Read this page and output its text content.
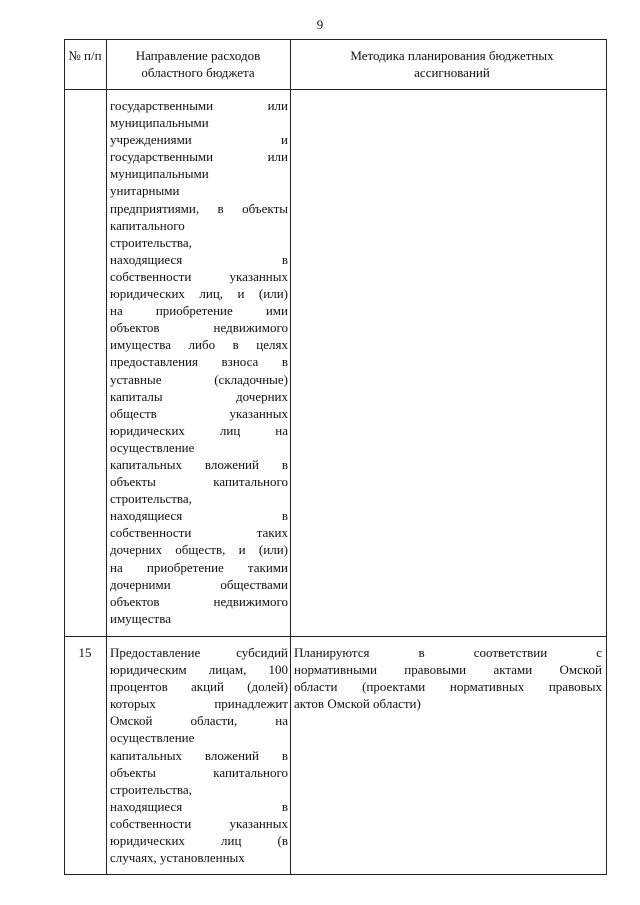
9
№ п/п	Направление расходов областного бюджета
Методика планирования бюджетных ассигнований
государственными или
муниципальными
учреждениями и
государственными или
муниципальными
унитарными
предприятиями, в объекты
капитального
строительства,
находящиеся в
собственности указанных
юридических лиц, и (или)
на приобретение ими
объектов недвижимого
имущества либо в целях
предоставления взноса в
уставные (складочные)
капиталы дочерних
обществ указанных
юридических лиц на
осуществление
капитальных вложений в
объекты капитального
строительства,
находящиеся в
собственности таких
дочерних обществ, и (или)
на приобретение такими
дочерними обществами
объектов недвижимого
имущества
15	Предоставление субсидий
юридическим лицам, 100
процентов акций (долей)
которых принадлежит
Омской области, на
осуществление
капитальных вложений в
объекты капитального
строительства,
находящиеся в
собственности указанных
юридических лиц (в
случаях, установленных
Планируются в соответствии с
нормативными правовыми актами Омской
области (проектами нормативных правовых
актов Омской области)
